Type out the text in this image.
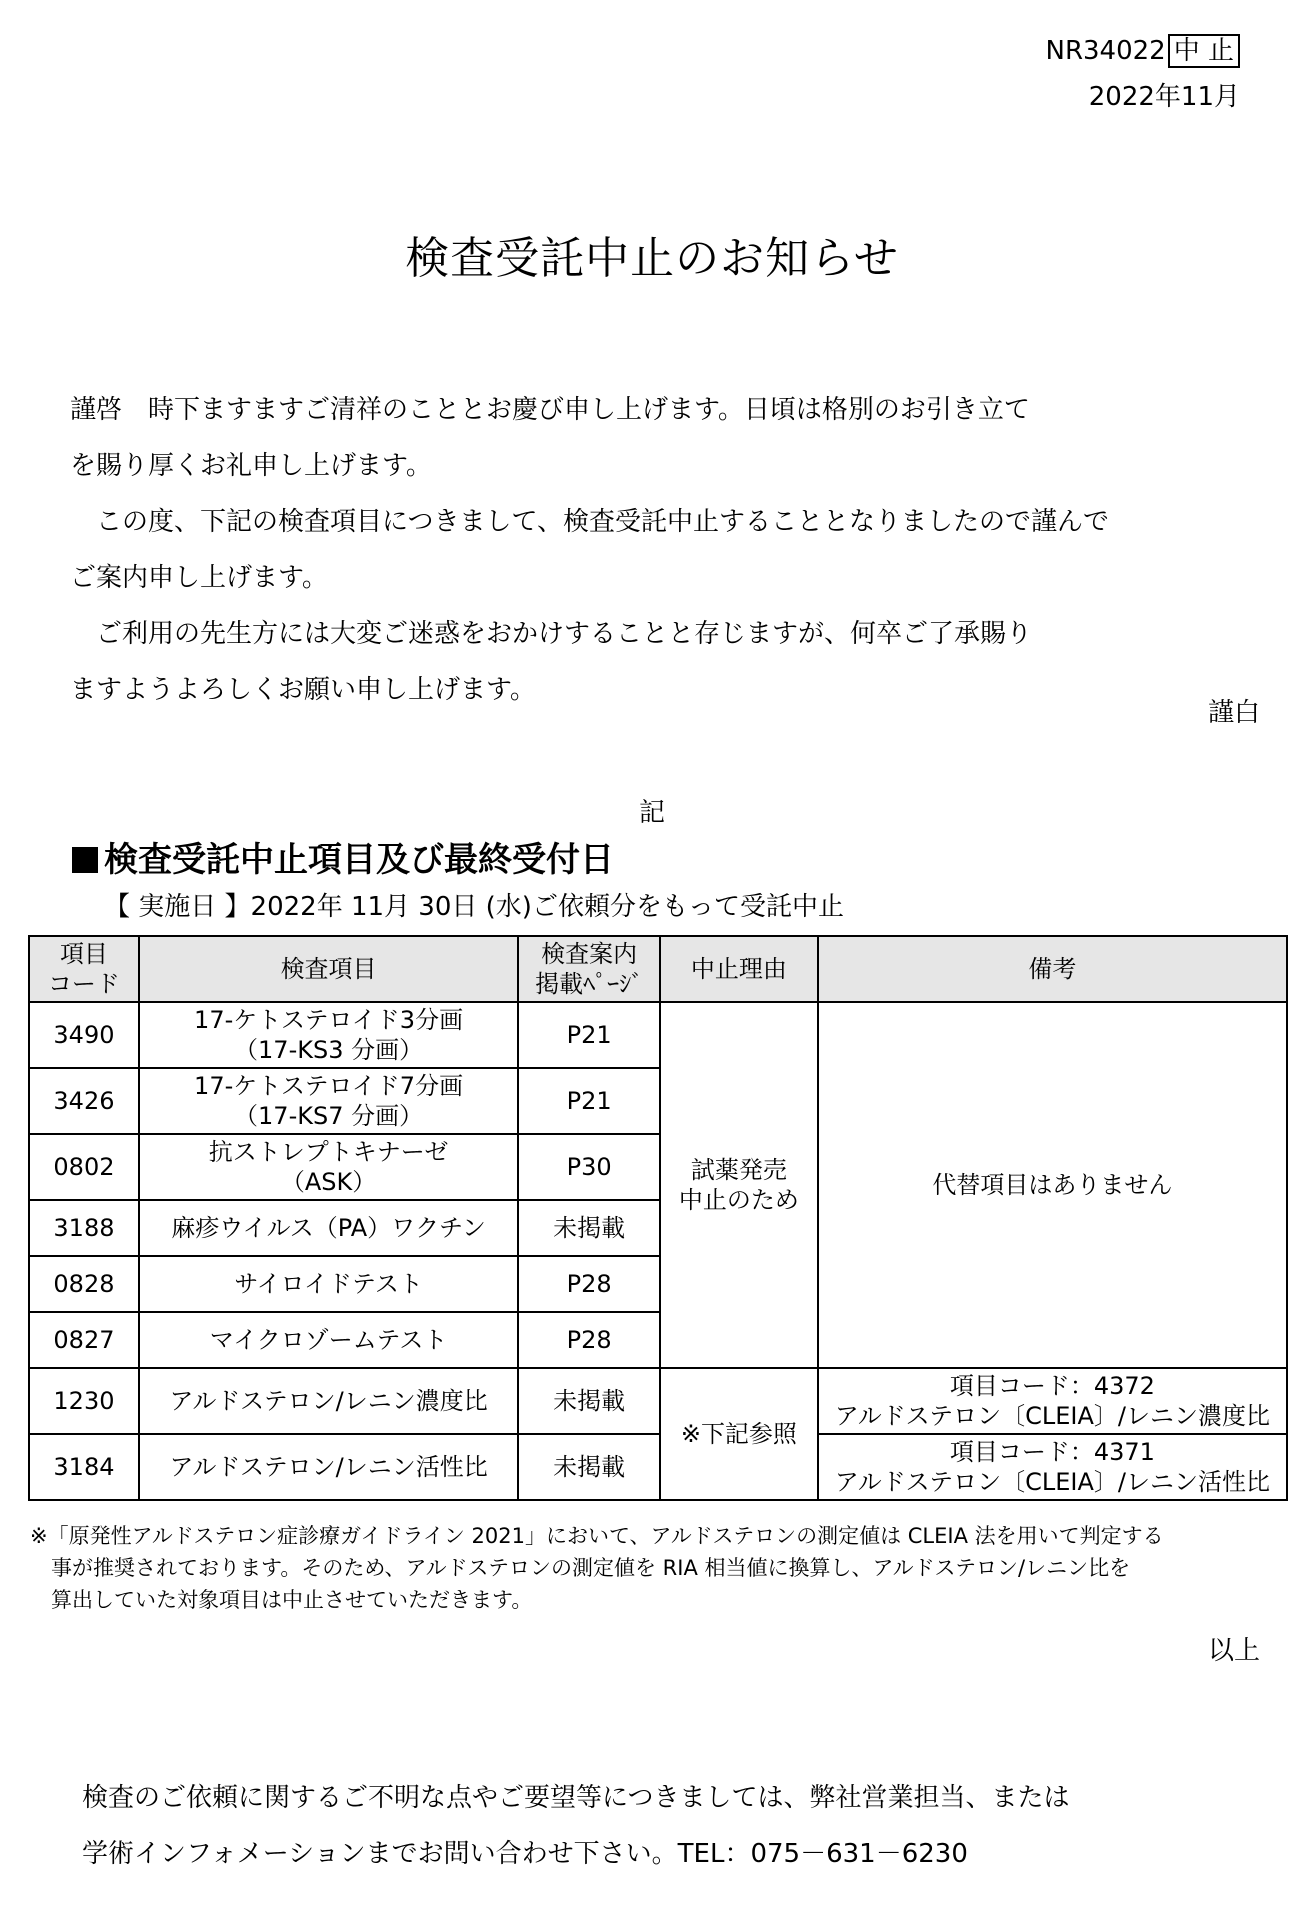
NR34022 中 止
2022年11月
検査受託中止のお知らせ

謹啓　時下ますますご清祥のこととお慶び申し上げます。日頃は格別のお引き立て

を賜り厚くお礼申し上げます。

　この度、下記の検査項目につきまして、検査受託中止することとなりましたので謹んで

ご案内申し上げます。

　ご利用の先生方には大変ご迷惑をおかけすることと存じますが、何卒ご了承賜り

ますようよろしくお願い申し上げます。

謹白
記
検査受託中止項目及び最終受付日
【 実施日 】2022年 11月 30日 (水)ご依頼分をもって受託中止
項目
コード	検査項目	検査案内
掲載ﾍﾟｰｼﾞ	中止理由	備考
3490	17-ケトステロイド3分画
（17-KS3 分画）	P21	試薬発売
中止のため	代替項目はありません
3426	17-ケトステロイド7分画
（17-KS7 分画）	P21		
0802	抗ストレプトキナーゼ
（ASK）	P30		
3188	麻疹ウイルス（PA）ワクチン	未掲載		
0828	サイロイドテスト	P28		
0827	マイクロゾームテスト	P28		
1230	アルドステロン/レニン濃度比	未掲載	※下記参照	項目コード：4372
アルドステロン〔CLEIA〕/レニン濃度比
3184	アルドステロン/レニン活性比	未掲載		項目コード：4371
アルドステロン〔CLEIA〕/レニン活性比

※「原発性アルドステロン症診療ガイドライン 2021」において、アルドステロンの測定値は CLEIA 法を用いて判定する

　事が推奨されております。そのため、アルドステロンの測定値を RIA 相当値に換算し、アルドステロン/レニン比を

　算出していた対象項目は中止させていただきます。

以上

検査のご依頼に関するご不明な点やご要望等につきましては、弊社営業担当、または

学術インフォメーションまでお問い合わせ下さい。TEL：075－631－6230
